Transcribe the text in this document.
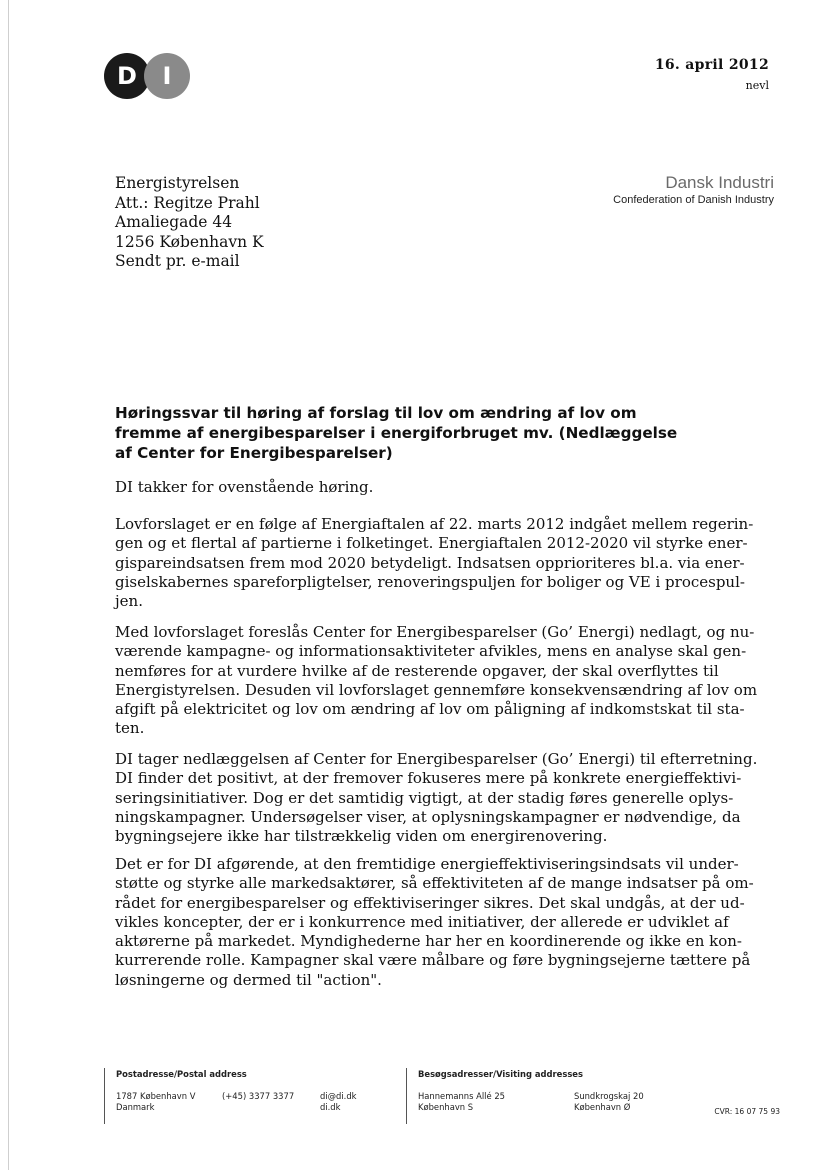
D	I	16. april 2012
nevl
Energistyrelsen
Att.: Regitze Prahl
Amaliegade 44
1256 København K
Sendt pr. e-mail
Dansk Industri
Confederation of Danish Industry
Høringssvar til høring af forslag til lov om ændring af lov om
fremme af energibesparelser i energiforbruget mv. (Nedlæggelse
af Center for Energibesparelser)
DI takker for ovenstående høring.
Lovforslaget er en følge af Energiaftalen af 22. marts 2012 indgået mellem regerin-
gen og et flertal af partierne i folketinget. Energiaftalen 2012-2020 vil styrke ener-
gispareindsatsen frem mod 2020 betydeligt. Indsatsen opprioriteres bl.a. via ener-
giselskabernes spareforpligtelser, renoveringspuljen for boliger og VE i procespul-
jen.
Med lovforslaget foreslås Center for Energibesparelser (Go’ Energi) nedlagt, og nu-
værende kampagne- og informationsaktiviteter afvikles, mens en analyse skal gen-
nemføres for at vurdere hvilke af de resterende opgaver, der skal overflyttes til
Energistyrelsen. Desuden vil lovforslaget gennemføre konsekvensændring af lov om
afgift på elektricitet og lov om ændring af lov om påligning af indkomstskat til sta-
ten.
DI tager nedlæggelsen af Center for Energibesparelser (Go’ Energi) til efterretning.
DI finder det positivt, at der fremover fokuseres mere på konkrete energieffektivi-
seringsinitiativer. Dog er det samtidig vigtigt, at der stadig føres generelle oplys-
ningskampagner. Undersøgelser viser, at oplysningskampagner er nødvendige, da
bygningsejere ikke har tilstrækkelig viden om energirenovering.
Det er for DI afgørende, at den fremtidige energieffektiviseringsindsats vil under-
støtte og styrke alle markedsaktører, så effektiviteten af de mange indsatser på om-
rådet for energibesparelser og effektiviseringer sikres. Det skal undgås, at der ud-
vikles koncepter, der er i konkurrence med initiativer, der allerede er udviklet af
aktørerne på markedet. Myndighederne har her en koordinerende og ikke en kon-
kurrerende rolle. Kampagner skal være målbare og føre bygningsejerne tættere på
løsningerne og dermed til "action".
Postadresse/Postal address
1787 København V
Danmark
(+45) 3377 3377	di@di.dk
di.dk
Besøgsadresser/Visiting addresses
Hannemanns Allé 25
København S
Sundkrogskaj 20
København Ø	CVR: 16 07 75 93
